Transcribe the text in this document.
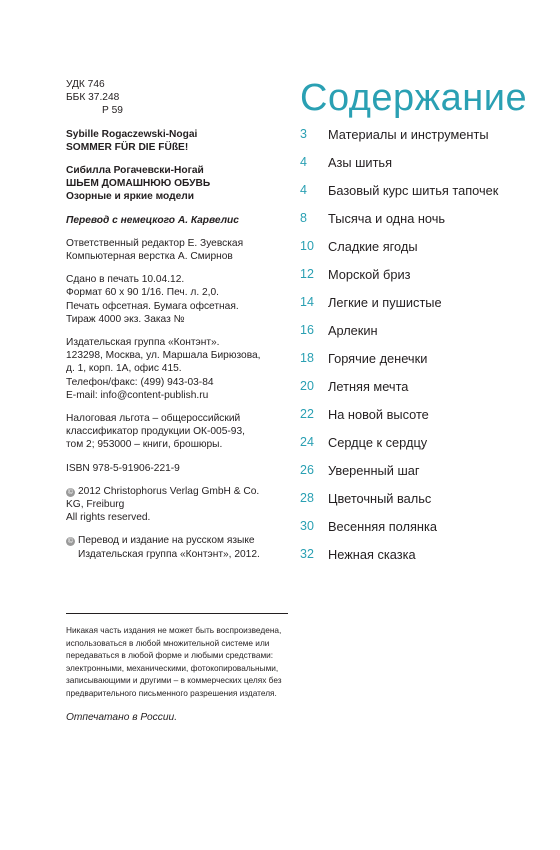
УДК 746

ББК 37.248

Р 59

Sybille Rogaczewski-Nogai

SOMMER FÜR DIE FÜßE!

Сибилла Рогачевски-Ногай

ШЬЕМ ДОМАШНЮЮ ОБУВЬ

Озорные и яркие модели

Перевод с немецкого А. Карвелис

Ответственный редактор Е. Зуевская

Компьютерная верстка А. Смирнов

Сдано в печать 10.04.12.

Формат 60 х 90 1/16. Печ. л. 2,0.

Печать офсетная. Бумага офсетная.

Тираж 4000 экз. Заказ №

Издательская группа «Контэнт».

123298, Москва, ул. Маршала Бирюзова,

д. 1, корп. 1А, офис 415.

Телефон/факс: (499) 943-03-84

E-mail: info@content-publish.ru

Налоговая льгота – общероссийский

классификатор продукции ОК-005-93,

том 2; 953000 – книги, брошюры.

ISBN 978-5-91906-221-9

© 2012 Christophorus Verlag GmbH & Co.

KG, Freiburg

All rights reserved.

© Перевод и издание на русском языке

Издательская группа «Контэнт», 2012.

Никакая часть издания не может быть воспроизведена,

использоваться в любой множительной системе или

передаваться в любой форме и любыми средствами:

электронными, механическими, фотокопировальными,

записывающими и другими – в коммерческих целях без

предварительного письменного разрешения издателя.

Отпечатано в России.
Содержание
3	Материалы и инструменты
4	Азы шитья
4	Базовый курс шитья тапочек
8	Тысяча и одна ночь
10	Сладкие ягоды
12	Морской бриз
14	Легкие и пушистые
16	Арлекин
18	Горячие денечки
20	Летняя мечта
22	На новой высоте
24	Сердце к сердцу
26	Уверенный шаг
28	Цветочный вальс
30	Весенняя полянка
32	Нежная сказка
